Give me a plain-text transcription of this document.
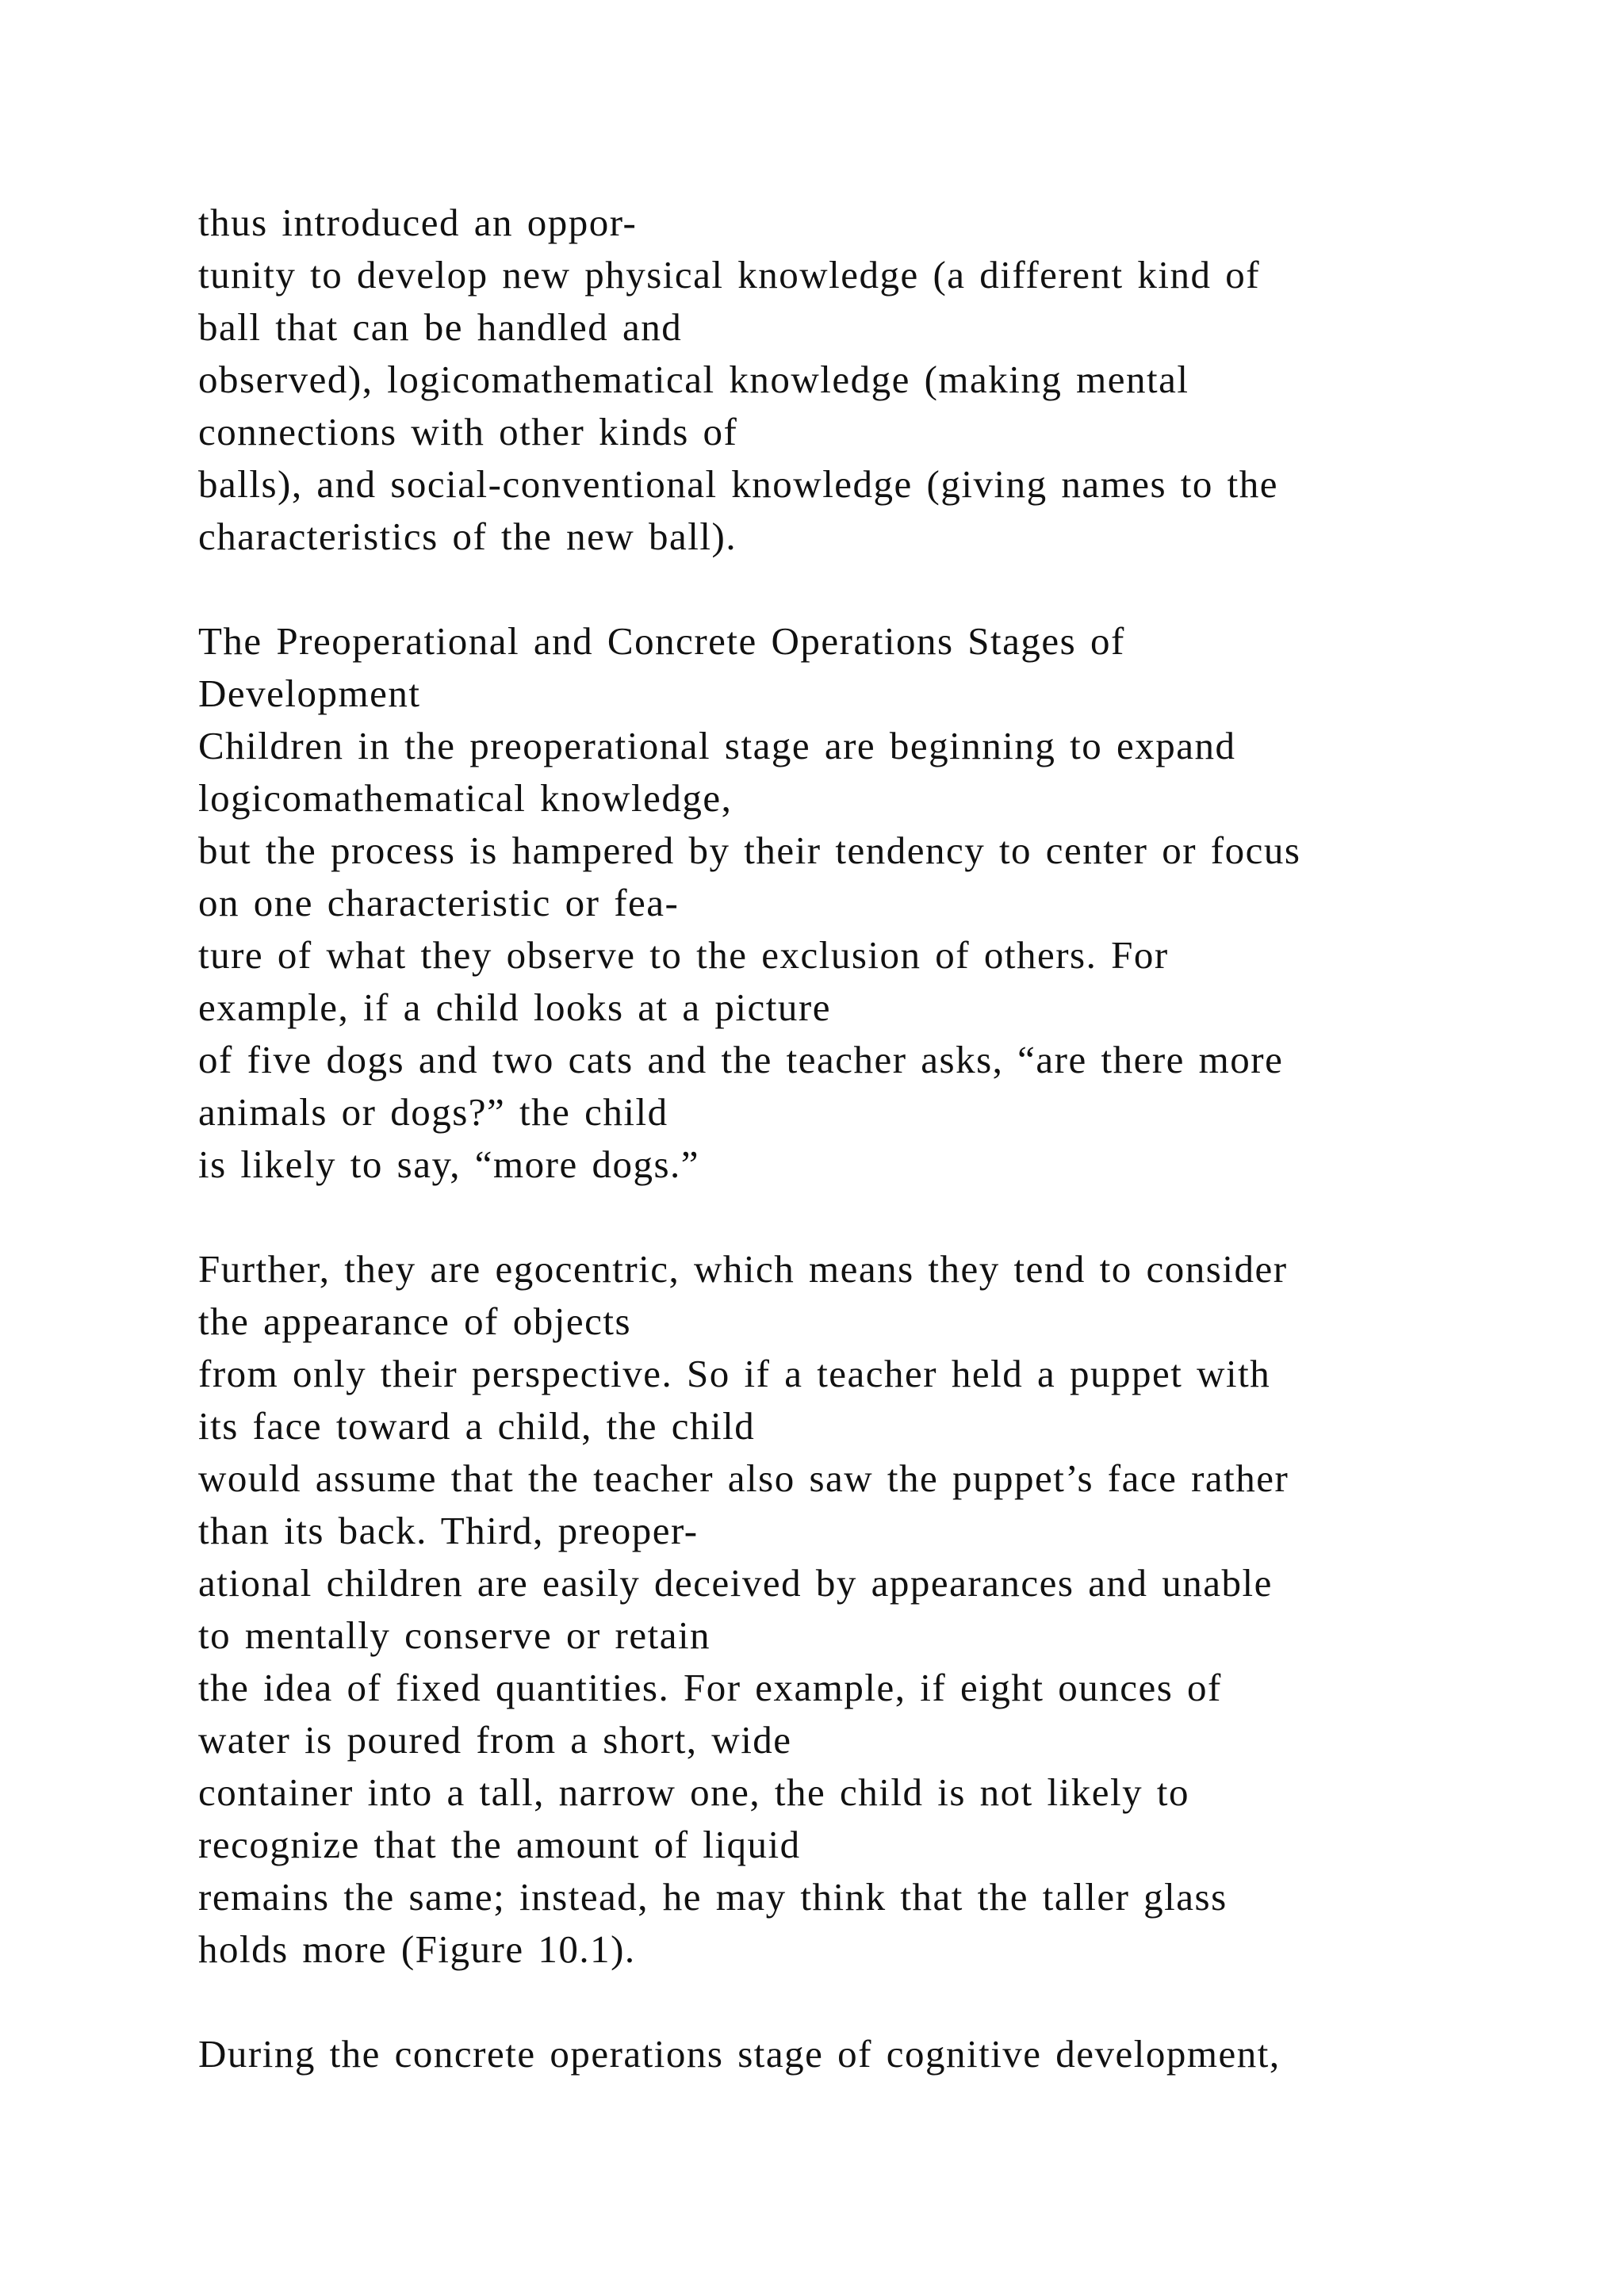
thus introduced an oppor-
tunity to develop new physical knowledge (a different kind of
ball that can be handled and
observed), logicomathematical knowledge (making mental
connections with other kinds of
balls), and social-conventional knowledge (giving names to the
characteristics of the new ball).
The Preoperational and Concrete Operations Stages of
Development
Children in the preoperational stage are beginning to expand
logicomathematical knowledge,
but the process is hampered by their tendency to center or focus
on one characteristic or fea-
ture of what they observe to the exclusion of others. For
example, if a child looks at a picture
of five dogs and two cats and the teacher asks, “are there more
animals or dogs?” the child
is likely to say, “more dogs.”
Further, they are egocentric, which means they tend to consider
the appearance of objects
from only their perspective. So if a teacher held a puppet with
its face toward a child, the child
would assume that the teacher also saw the puppet’s face rather
than its back. Third, preoper-
ational children are easily deceived by appearances and unable
to mentally conserve or retain
the idea of fixed quantities. For example, if eight ounces of
water is poured from a short, wide
container into a tall, narrow one, the child is not likely to
recognize that the amount of liquid
remains the same; instead, he may think that the taller glass
holds more (Figure 10.1).
During the concrete operations stage of cognitive development,
